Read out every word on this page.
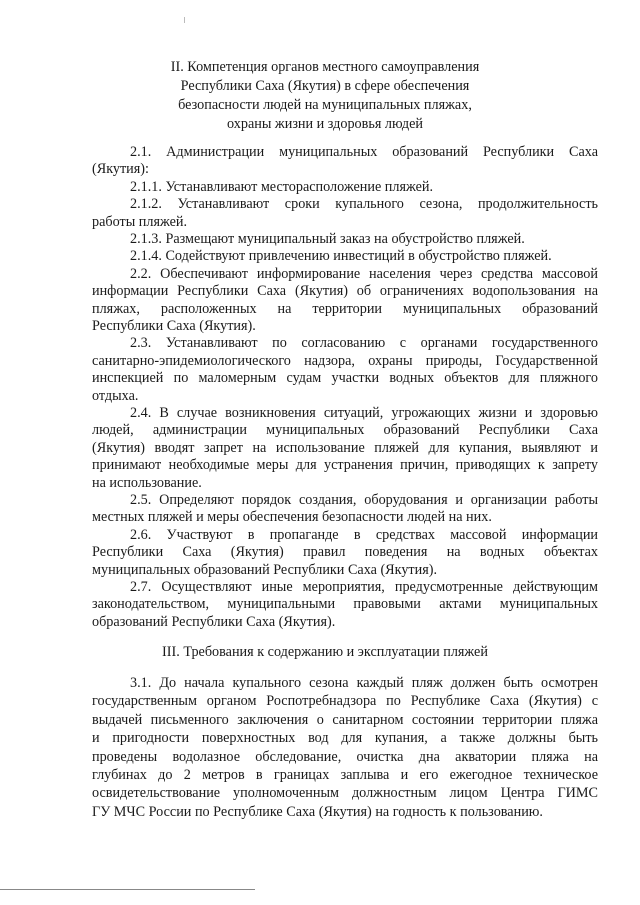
II. Компетенция органов местного самоуправления
Республики Саха (Якутия) в сфере обеспечения
безопасности людей на муниципальных пляжах,
охраны жизни и здоровья людей
2.1. Администрации муниципальных образований Республики Саха
(Якутия):
2.1.1. Устанавливают месторасположение пляжей.
2.1.2. Устанавливают сроки купального сезона, продолжительность
работы пляжей.
2.1.3. Размещают муниципальный заказ на обустройство пляжей.
2.1.4. Содействуют привлечению инвестиций в обустройство пляжей.
2.2. Обеспечивают информирование населения через средства массовой
информации Республики Саха (Якутия) об ограничениях водопользования на
пляжах, расположенных на территории муниципальных образований
Республики Саха (Якутия).
2.3. Устанавливают по согласованию с органами государственного
санитарно-эпидемиологического надзора, охраны природы, Государственной
инспекцией по маломерным судам участки водных объектов для пляжного
отдыха.
2.4. В случае возникновения ситуаций, угрожающих жизни и здоровью
людей, администрации муниципальных образований Республики Саха
(Якутия) вводят запрет на использование пляжей для купания, выявляют и
принимают необходимые меры для устранения причин, приводящих к запрету
на использование.
2.5. Определяют порядок создания, оборудования и организации работы
местных пляжей и меры обеспечения безопасности людей на них.
2.6. Участвуют в пропаганде в средствах массовой информации
Республики Саха (Якутия) правил поведения на водных объектах
муниципальных образований Республики Саха (Якутия).
2.7. Осуществляют иные мероприятия, предусмотренные действующим
законодательством, муниципальными правовыми актами муниципальных
образований Республики Саха (Якутия).
III. Требования к содержанию и эксплуатации пляжей
3.1. До начала купального сезона каждый пляж должен быть осмотрен
государственным органом Роспотребнадзора по Республике Саха (Якутия) с
выдачей письменного заключения о санитарном состоянии территории пляжа
и пригодности поверхностных вод для купания, а также должны быть
проведены водолазное обследование, очистка дна акватории пляжа на
глубинах до 2 метров в границах заплыва и его ежегодное техническое
освидетельствование уполномоченным должностным лицом Центра ГИМС
ГУ МЧС России по Республике Саха (Якутия) на годность к пользованию.
